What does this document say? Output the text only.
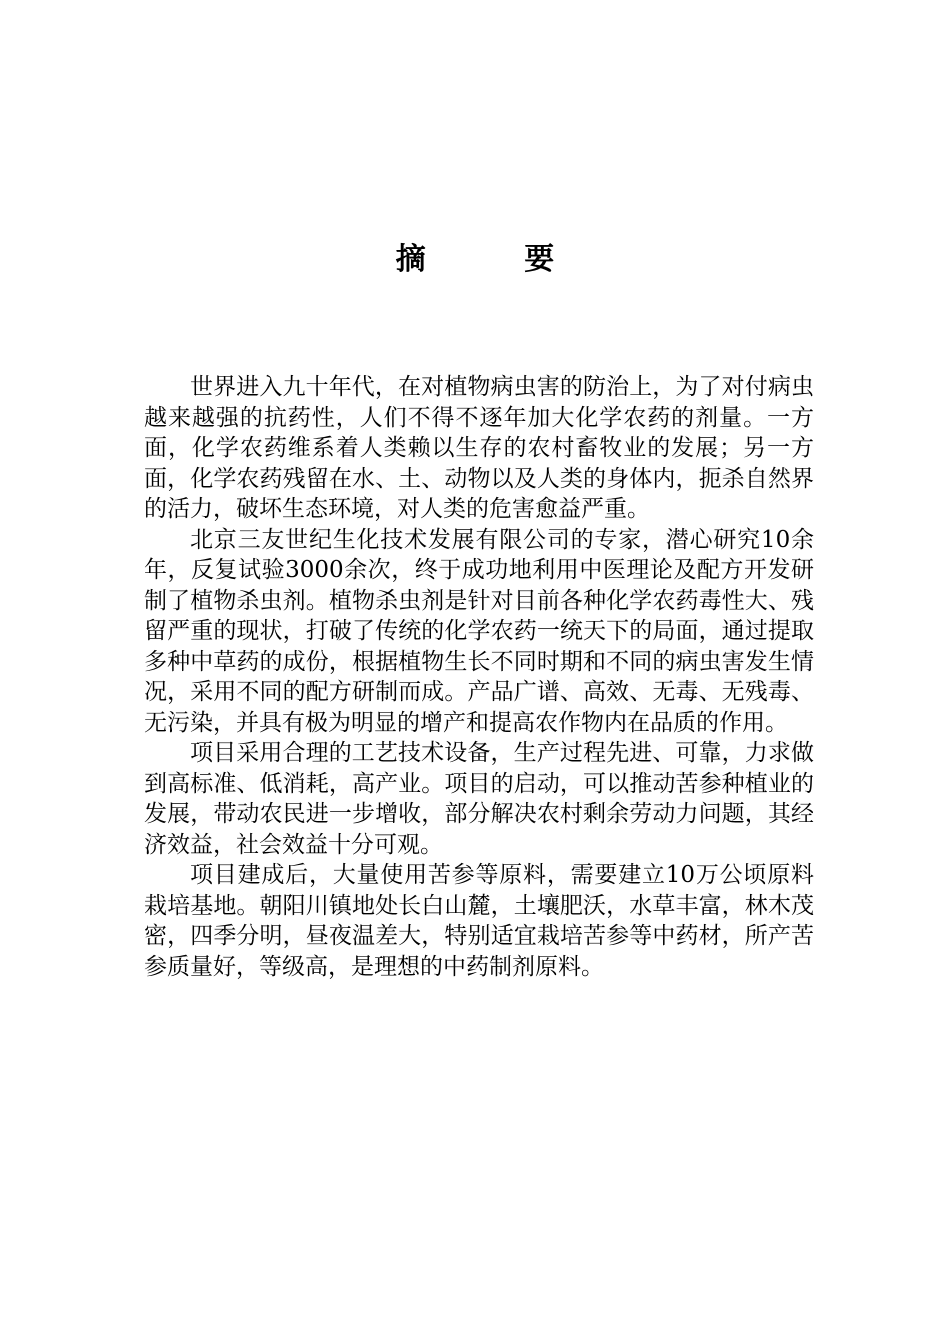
摘 要

世界进入九十年代，在对植物病虫害的防治上，为了对付病虫越来越强的抗药性，人们不得不逐年加大化学农药的剂量。一方面，化学农药维系着人类赖以生存的农村畜牧业的发展；另一方面，化学农药残留在水、土、动物以及人类的身体内，扼杀自然界的活力，破坏生态环境，对人类的危害愈益严重。

北京三友世纪生化技术发展有限公司的专家，潜心研究10余年，反复试验3000余次，终于成功地利用中医理论及配方开发研制了植物杀虫剂。植物杀虫剂是针对目前各种化学农药毒性大、残留严重的现状，打破了传统的化学农药一统天下的局面，通过提取多种中草药的成份，根据植物生长不同时期和不同的病虫害发生情况，采用不同的配方研制而成。产品广谱、高效、无毒、无残毒、无污染，并具有极为明显的增产和提高农作物内在品质的作用。

项目采用合理的工艺技术设备，生产过程先进、可靠，力求做到高标准、低消耗，高产业。项目的启动，可以推动苦参种植业的发展，带动农民进一步增收，部分解决农村剩余劳动力问题，其经济效益，社会效益十分可观。

项目建成后，大量使用苦参等原料，需要建立10万公顷原料栽培基地。朝阳川镇地处长白山麓，土壤肥沃，水草丰富，林木茂密，四季分明，昼夜温差大，特别适宜栽培苦参等中药材，所产苦参质量好，等级高，是理想的中药制剂原料。
